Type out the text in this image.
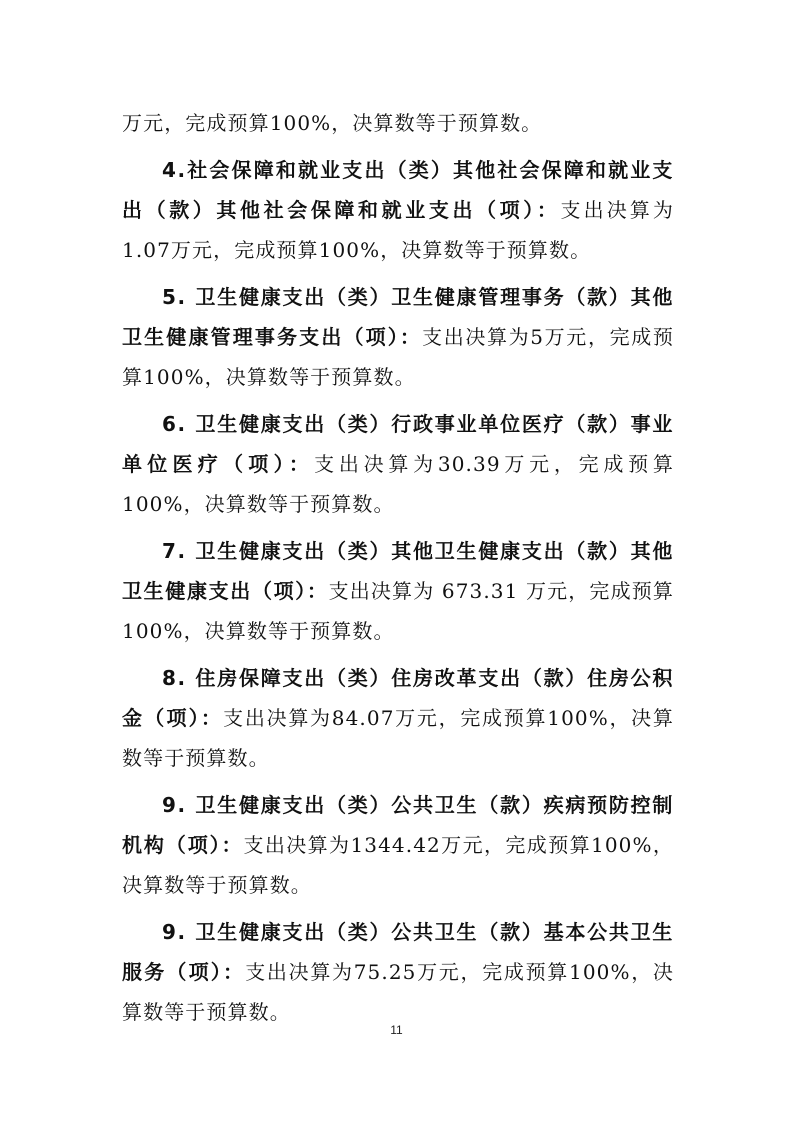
万元，完成预算100%，决算数等于预算数。

4.社会保障和就业支出（类）其他社会保障和就业支出（款）其他社会保障和就业支出（项）：支出决算为1.07万元，完成预算100%，决算数等于预算数。

5. 卫生健康支出（类）卫生健康管理事务（款）其他卫生健康管理事务支出（项）：支出决算为5万元，完成预算100%，决算数等于预算数。

6. 卫生健康支出（类）行政事业单位医疗（款）事业单位医疗（项）：支出决算为30.39万元，完成预算100%，决算数等于预算数。

7. 卫生健康支出（类）其他卫生健康支出（款）其他卫生健康支出（项）：支出决算为 673.31 万元，完成预算100%，决算数等于预算数。

8. 住房保障支出（类）住房改革支出（款）住房公积金（项）：支出决算为84.07万元，完成预算100%，决算数等于预算数。

9. 卫生健康支出（类）公共卫生（款）疾病预防控制机构（项）：支出决算为1344.42万元，完成预算100%，决算数等于预算数。

9. 卫生健康支出（类）公共卫生（款）基本公共卫生服务（项）：支出决算为75.25万元，完成预算100%，决算数等于预算数。

11
